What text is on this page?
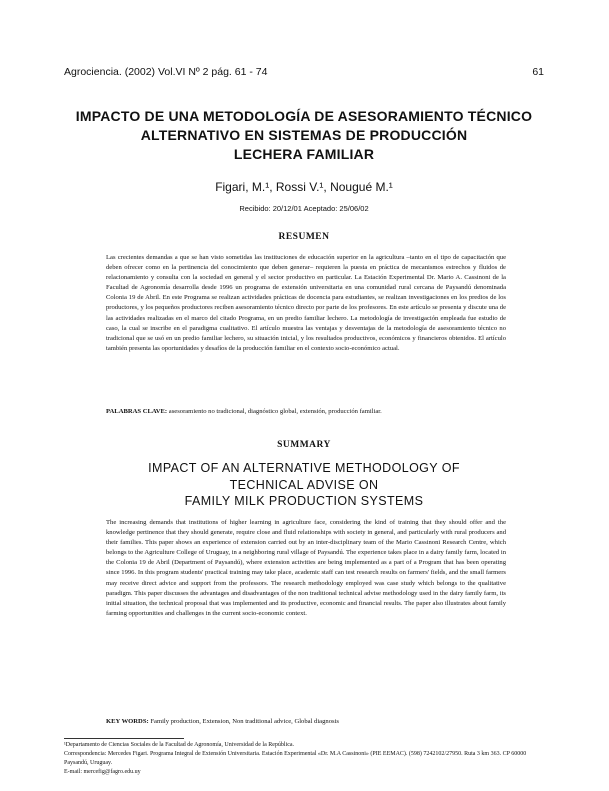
Agrociencia. (2002) Vol.VI Nº 2 pág. 61 - 74	61
IMPACTO DE UNA METODOLOGÍA DE ASESORAMIENTO TÉCNICO
ALTERNATIVO EN SISTEMAS DE PRODUCCIÓN
LECHERA FAMILIAR
Figari, M.¹, Rossi V.¹, Nougué M.¹
Recibido: 20/12/01 Aceptado: 25/06/02
RESUMEN
Las crecientes demandas a que se han visto sometidas las instituciones de educación superior en la agricultura –tanto en el tipo de capacitación que deben ofrecer como en la pertinencia del conocimiento que deben generar– requieren la puesta en práctica de mecanismos estrechos y fluidos de relacionamiento y consulta con la sociedad en general y el sector productivo en particular. La Estación Experimental Dr. Mario A. Cassinoni de la Facultad de Agronomía desarrolla desde 1996 un programa de extensión universitaria en una comunidad rural cercana de Paysandú denominada Colonia 19 de Abril. En este Programa se realizan actividades prácticas de docencia para estudiantes, se realizan investigaciones en los predios de los productores, y los pequeños productores reciben asesoramiento técnico directo por parte de los profesores. En este artículo se presenta y discute una de las actividades realizadas en el marco del citado Programa, en un predio familiar lechero. La metodología de investigación empleada fue estudio de caso, la cual se inscribe en el paradigma cualitativo. El artículo muestra las ventajas y desventajas de la metodología de asesoramiento técnico no tradicional que se usó en un predio familiar lechero, su situación inicial, y los resultados productivos, económicos y financieros obtenidos. El artículo también presenta las oportunidades y desafíos de la producción familiar en el contexto socio-económico actual.
PALABRAS CLAVE: asesoramiento no tradicional, diagnóstico global, extensión, producción familiar.
SUMMARY
IMPACT OF AN ALTERNATIVE METHODOLOGY OF
TECHNICAL ADVISE ON
FAMILY MILK PRODUCTION SYSTEMS
The increasing demands that institutions of higher learning in agriculture face, considering the kind of training that they should offer and the knowledge pertinence that they should generate, require close and fluid relationships with society in general, and particularly with rural producers and their families. This paper shows an experience of extension carried out by an inter-disciplinary team of the Mario Cassinoni Research Centre, which belongs to the Agriculture College of Uruguay, in a neighboring rural village of Paysandú. The experience takes place in a dairy family farm, located in the Colonia 19 de Abril (Department of Paysandú), where extension activities are being implemented as a part of a Program that has been operating since 1996. In this program students' practical training may take place, academic staff can test research results on farmers' fields, and the small farmers may receive direct advice and support from the professors. The research methodology employed was case study which belongs to the qualitative paradigm. This paper discusses the advantages and disadvantages of the non traditional technical advise methodology used in the dairy family farm, its initial situation, the technical proposal that was implemented and its productive, economic and financial results. The paper also illustrates about family farming opportunities and challenges in the current socio-economic context.
KEY WORDS: Family production, Extension, Non traditional advice, Global diagnosis
¹Departamento de Ciencias Sociales de la Facultad de Agronomía, Universidad de la República.
Correspondencia: Mercedes Figari. Programa Integral de Extensión Universitaria. Estación Experimental «Dr. M.A Cassinoni» (PIE EEMAC). (598) 7242102/27950. Ruta 3 km 363. CP 60000 Paysandú, Uruguay.
E-mail: mercefig@fagro.edu.uy
